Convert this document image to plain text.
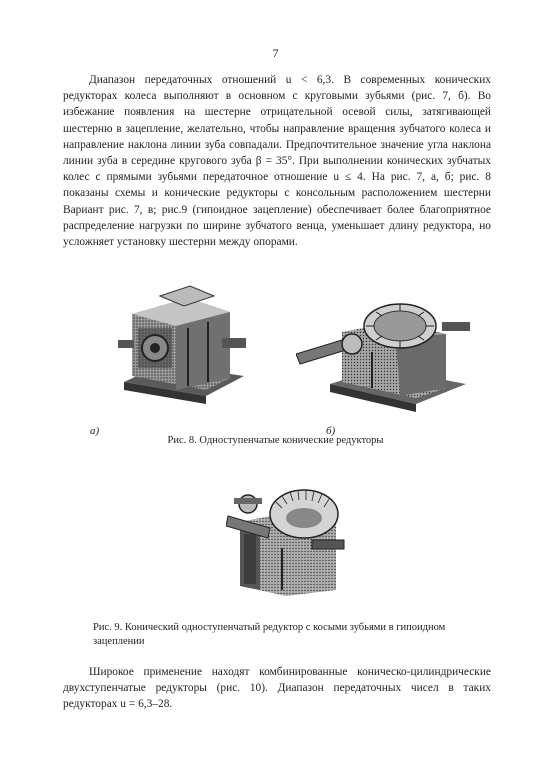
7

Диапазон передаточных отношений u < 6,3. В современных конических редукторах колеса выполняют в основном с круговыми зубьями (рис. 7, б). Во избежание появления на шестерне отрицательной осевой силы, затягивающей шестерню в зацепление, желательно, чтобы направление вращения зубчатого колеса и направление наклона линии зуба совпадали. Предпочтительное значение угла наклона линии зуба в середине кругового зуба β = 35°. При выполнении конических зубчатых колес с прямыми зубьями передаточное отношение u ≤ 4. На рис. 7, а, б; рис. 8 показаны схемы и конические редукторы с консольным расположением шестерни Вариант рис. 7, в; рис.9 (гипоидное зацепление) обеспечивает более благоприятное распределение нагрузки по ширине зубчатого венца, уменьшает длину редуктора, но усложняет установку шестерни между опорами.

а)	б)

Рис. 8. Одноступенчатые конические редукторы

Рис. 9. Конический одноступенчатый редуктор с косыми зубьями в гипоидном зацеплении

Широкое применение находят комбинированные коническо-цилиндрические двухступенчатые редукторы (рис. 10). Диапазон передаточных чисел в таких редукторах u = 6,3–28.
